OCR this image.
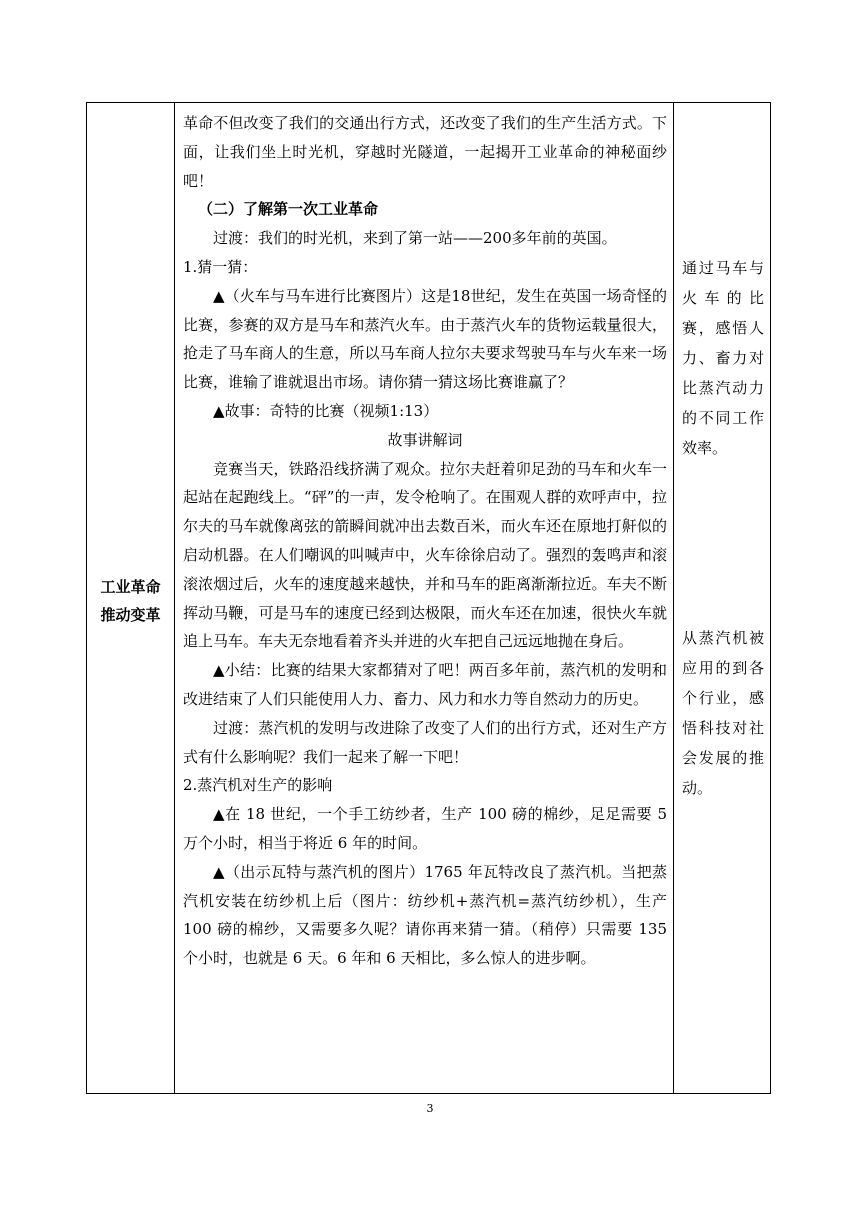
工业革命
推动变革

革命不但改变了我们的交通出行方式，还改变了我们的生产生活方式。下面，让我们坐上时光机，穿越时光隧道，一起揭开工业革命的神秘面纱吧！

（二）了解第一次工业革命

过渡：我们的时光机，来到了第一站——200多年前的英国。

1.猜一猜：

▲（火车与马车进行比赛图片）这是18世纪，发生在英国一场奇怪的比赛，参赛的双方是马车和蒸汽火车。由于蒸汽火车的货物运载量很大，抢走了马车商人的生意，所以马车商人拉尔夫要求驾驶马车与火车来一场比赛，谁输了谁就退出市场。请你猜一猜这场比赛谁赢了？

▲故事：奇特的比赛（视频1:13）

故事讲解词

竞赛当天，铁路沿线挤满了观众。拉尔夫赶着卯足劲的马车和火车一起站在起跑线上。“砰”的一声，发令枪响了。在围观人群的欢呼声中，拉尔夫的马车就像离弦的箭瞬间就冲出去数百米，而火车还在原地打鼾似的启动机器。在人们嘲讽的叫喊声中，火车徐徐启动了。强烈的轰鸣声和滚滚浓烟过后，火车的速度越来越快，并和马车的距离渐渐拉近。车夫不断挥动马鞭，可是马车的速度已经到达极限，而火车还在加速，很快火车就追上马车。车夫无奈地看着齐头并进的火车把自己远远地抛在身后。

▲小结：比赛的结果大家都猜对了吧！两百多年前，蒸汽机的发明和改进结束了人们只能使用人力、畜力、风力和水力等自然动力的历史。

过渡：蒸汽机的发明与改进除了改变了人们的出行方式，还对生产方式有什么影响呢？我们一起来了解一下吧！

2.蒸汽机对生产的影响

▲在 18 世纪，一个手工纺纱者，生产 100 磅的棉纱，足足需要 5 万个小时，相当于将近 6 年的时间。

▲（出示瓦特与蒸汽机的图片）1765 年瓦特改良了蒸汽机。当把蒸汽机安装在纺纱机上后（图片：纺纱机+蒸汽机=蒸汽纺纱机），生产 100 磅的棉纱，又需要多久呢？请你再来猜一猜。（稍停）只需要 135 个小时，也就是 6 天。6 年和 6 天相比，多么惊人的进步啊。

通过马车与火车的比赛，感悟人力、畜力对比蒸汽动力的不同工作效率。
从蒸汽机被应用的到各个行业，感悟科技对社会发展的推动。
3
